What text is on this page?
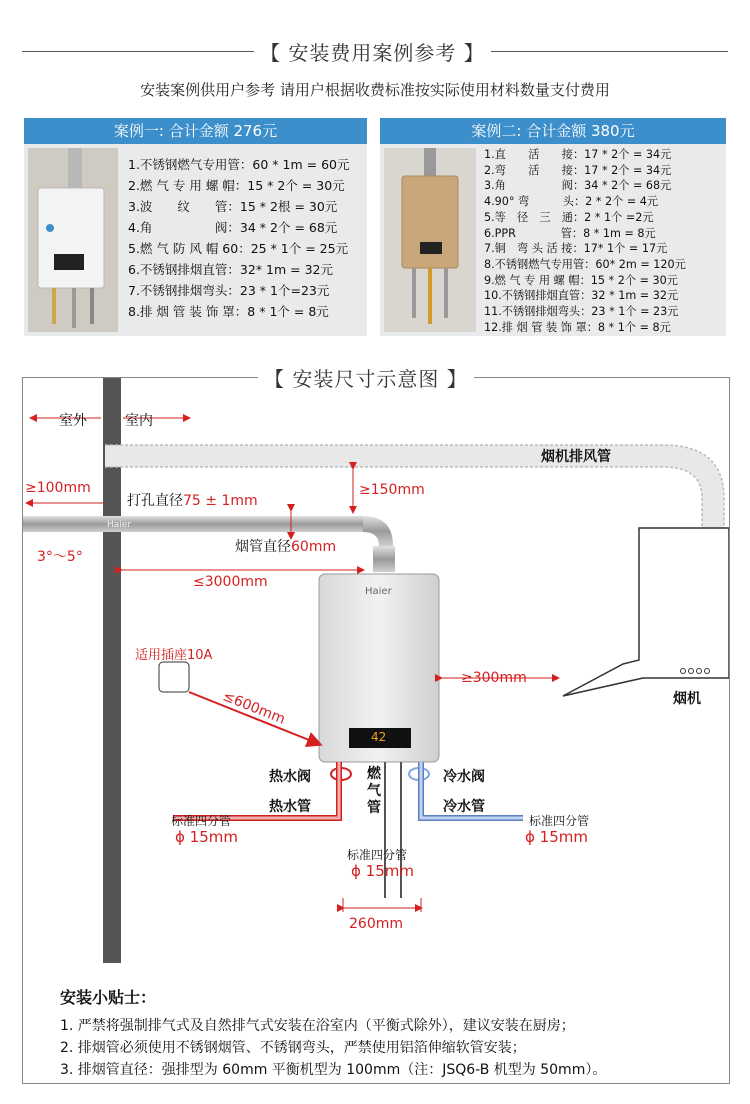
【 安装费用案例参考 】
安装案例供用户参考 请用户根据收费标准按实际使用材料数量支付费用
案例一: 合计金额 276元
1.不锈钢燃气专用管：60 * 1m = 60元
2.燃 气 专 用 螺 帽：15 * 2个 = 30元
3.波　　纹　　管：15 * 2根 = 30元
4.角　　　　　阀：34 * 2个 = 68元
5.燃 气 防 风 帽 60：25 * 1个 = 25元
6.不锈钢排烟直管：32* 1m = 32元
7.不锈钢排烟弯头：23 * 1个=23元
8.排 烟 管 装 饰 罩：8 * 1个 = 8元
案例二: 合计金额 380元
1.直　　活　　接：17 * 2个 = 34元
2.弯　　活　　接：17 * 2个 = 34元
3.角　　　　　阀：34 * 2个 = 68元
4.90° 弯　　　头：2 * 2个 = 4元
5.等　径　三　通：2 * 1个 =2元
6.PPR　　　　管：8 * 1m = 8元
7.铜　弯 头 活 接：17* 1个 = 17元
8.不锈钢燃气专用管：60* 2m = 120元
9.燃 气 专 用 螺 帽：15 * 2个 = 30元
10.不锈钢排烟直管：32 * 1m = 32元
11.不锈钢排烟弯头：23 * 1个 = 23元
12.排 烟 管 装 饰 罩：8 * 1个 = 8元
室外	室内
烟机排风管
≥100mm
打孔直径75 ± 1mm
≥150mm
Haier
3°～5°
烟管直径60mm
≤3000mm
Haier
42
适用插座10A
≤600mm
≥300mm
烟机
热水阀	燃气管
冷水阀
热水管	冷水管
标准四分管
ϕ 15mm
标准四分管
ϕ 15mm
标准四分管
ϕ 15mm
260mm
【 安装尺寸示意图 】
安装小贴士：
1. 严禁将强制排气式及自然排气式安装在浴室内（平衡式除外），建议安装在厨房；
2. 排烟管必须使用不锈钢烟管、不锈钢弯头，严禁使用铝箔伸缩软管安装；
3. 排烟管直径：强排型为 60mm 平衡机型为 100mm（注：JSQ6-B 机型为 50mm）。
